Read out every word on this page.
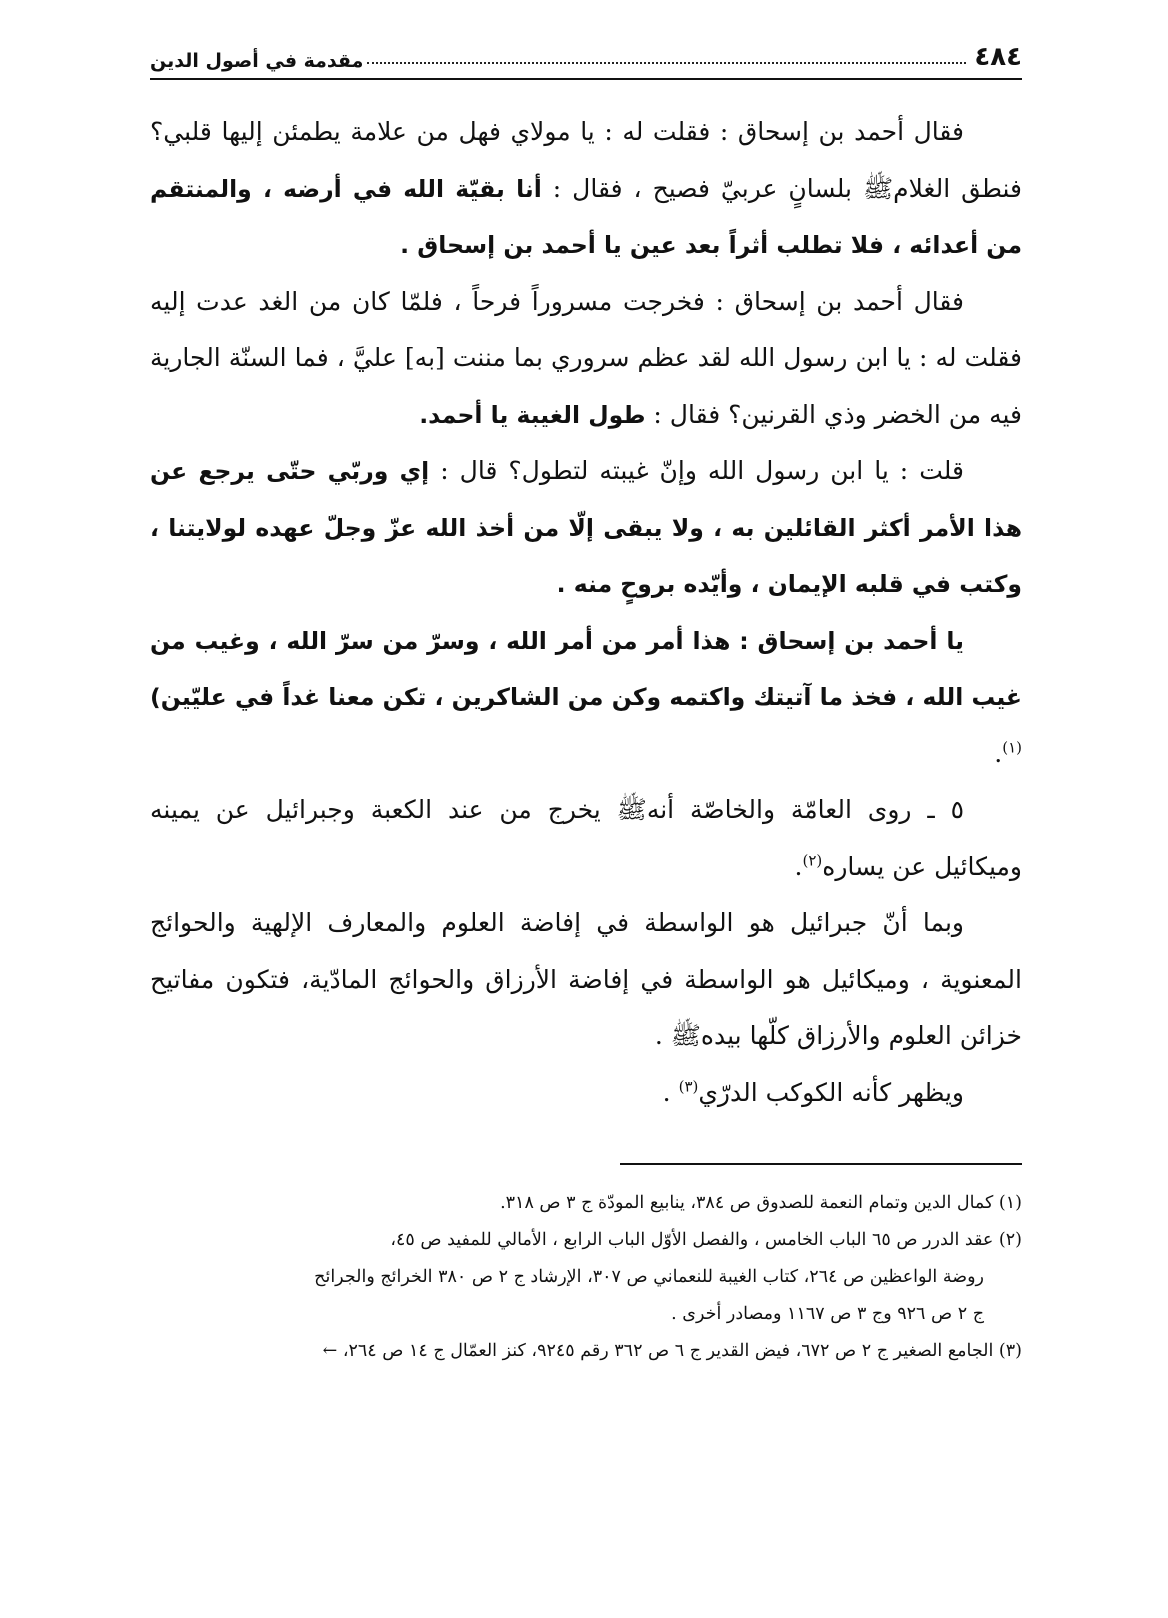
٤٨٤
مقدمة في أصول الدين

فقال أحمد بن إسحاق : فقلت له : يا مولاي فهل من علامة يطمئن إليها قلبي؟ فنطق الغلامﷺ بلسانٍ عربيّ فصيح ، فقال : أنا بقيّة الله في أرضه ، والمنتقم من أعدائه ، فلا تطلب أثراً بعد عين يا أحمد بن إسحاق .

فقال أحمد بن إسحاق : فخرجت مسروراً فرحاً ، فلمّا كان من الغد عدت إليه فقلت له : يا ابن رسول الله لقد عظم سروري بما مننت [به] عليَّ ، فما السنّة الجارية فيه من الخضر وذي القرنين؟ فقال : طول الغيبة يا أحمد.

قلت : يا ابن رسول الله وإنّ غيبته لتطول؟ قال : إي وربّي حتّى يرجع عن هذا الأمر أكثر القائلين به ، ولا يبقى إلّا من أخذ الله عزّ وجلّ عهده لولايتنا ، وكتب في قلبه الإيمان ، وأيّده بروحٍ منه .

يا أحمد بن إسحاق : هذا أمر من أمر الله ، وسرّ من سرّ الله ، وغيب من غيب الله ، فخذ ما آتيتك واكتمه وكن من الشاكرين ، تكن معنا غداً في عليّين)$^{(١)}$.

٥ ـ روى العامّة والخاصّة أنهﷺ يخرج من عند الكعبة وجبرائيل عن يمينه وميكائيل عن يساره$^{(٢)}$.

وبما أنّ جبرائيل هو الواسطة في إفاضة العلوم والمعارف الإلهية والحوائج المعنوية ، وميكائيل هو الواسطة في إفاضة الأرزاق والحوائج المادّية، فتكون مفاتيح خزائن العلوم والأرزاق كلّها بيدهﷺ .

ويظهر كأنه الكوكب الدرّي$^{(٣)}$ .

(١) كمال الدين وتمام النعمة للصدوق ص ٣٨٤، ينابيع المودّة ج ٣ ص ٣١٨.

(٢) عقد الدرر ص ٦٥ الباب الخامس ، والفصل الأوّل الباب الرابع ، الأمالي للمفيد ص ٤٥،

روضة الواعظين ص ٢٦٤، كتاب الغيبة للنعماني ص ٣٠٧، الإرشاد ج ٢ ص ٣٨٠ الخرائج والجرائح

ج ٢ ص ٩٢٦ وج ٣ ص ١١٦٧ ومصادر أخرى .

(٣) الجامع الصغير ج ٢ ص ٦٧٢، فيض القدير ج ٦ ص ٣٦٢ رقم ٩٢٤٥، كنز العمّال ج ١٤ ص ٢٦٤، ←
